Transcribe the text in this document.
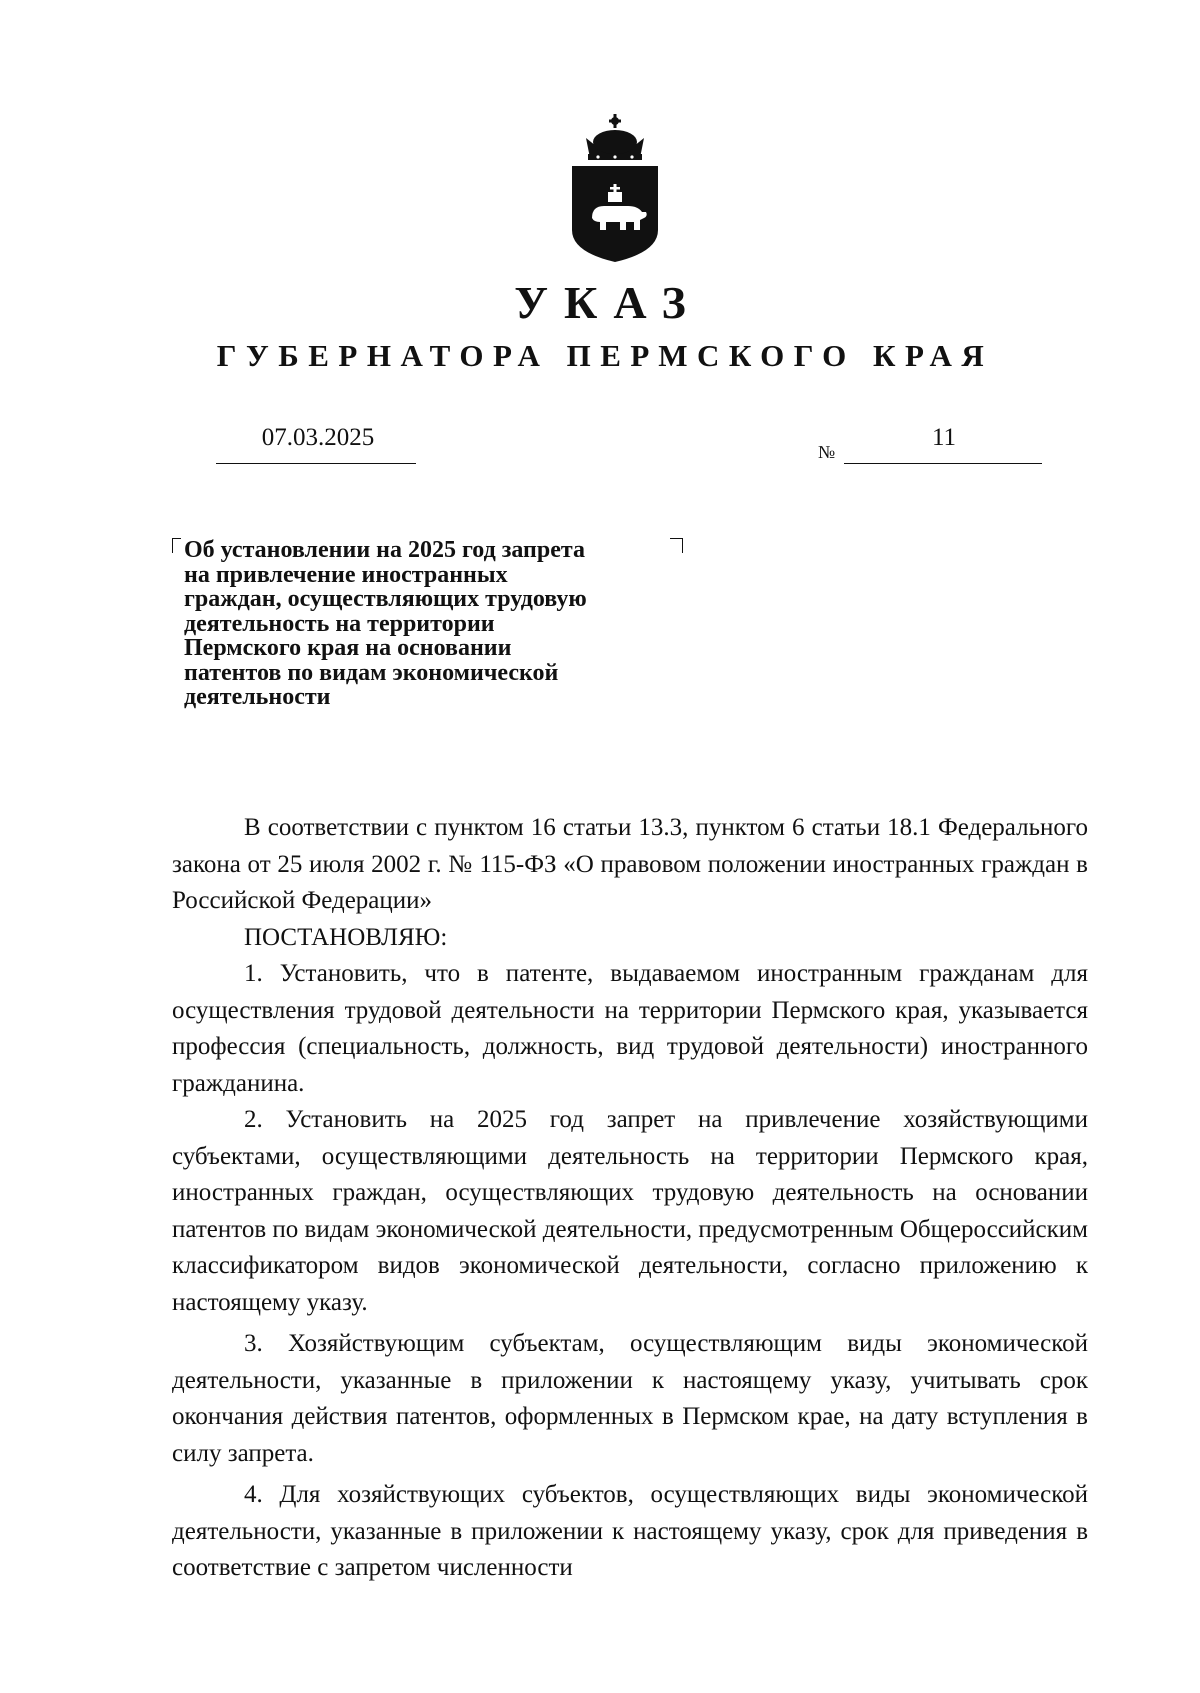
УКАЗ
ГУБЕРНАТОРА ПЕРМСКОГО КРАЯ
07.03.2025
№
11
Об установлении на 2025 год запрета
на привлечение иностранных
граждан, осуществляющих трудовую
деятельность на территории
Пермского края на основании
патентов по видам экономической
деятельности

В соответствии с пунктом 16 статьи 13.3, пунктом 6 статьи 18.1 Федерального закона от 25 июля 2002 г. № 115-ФЗ «О правовом положении иностранных граждан в Российской Федерации»

ПОСТАНОВЛЯЮ:

1. Установить, что в патенте, выдаваемом иностранным гражданам для осуществления трудовой деятельности на территории Пермского края, указывается профессия (специальность, должность, вид трудовой деятельности) иностранного гражданина.

2. Установить на 2025 год запрет на привлечение хозяйствующими субъектами, осуществляющими деятельность на территории Пермского края, иностранных граждан, осуществляющих трудовую деятельность на основании патентов по видам экономической деятельности, предусмотренным Общероссийским классификатором видов экономической деятельности, согласно приложению к настоящему указу.

3. Хозяйствующим субъектам, осуществляющим виды экономической деятельности, указанные в приложении к настоящему указу, учитывать срок окончания действия патентов, оформленных в Пермском крае, на дату вступления в силу запрета.

4. Для хозяйствующих субъектов, осуществляющих виды экономической деятельности, указанные в приложении к настоящему указу, срок для приведения в соответствие с запретом численности
